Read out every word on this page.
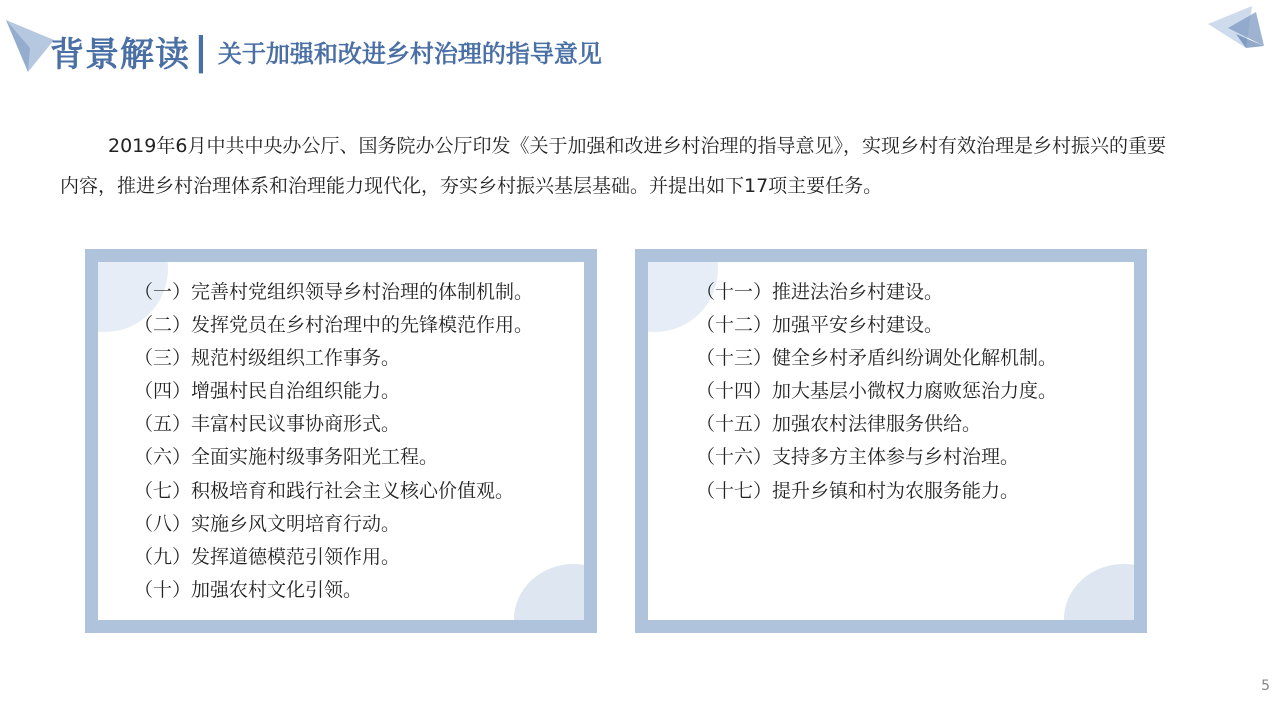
背景解读 | 关于加强和改进乡村治理的指导意见

2019年6月中共中央办公厅、国务院办公厅印发《关于加强和改进乡村治理的指导意见》，实现乡村有效治理是乡村振兴的重要内容，推进乡村治理体系和治理能力现代化，夯实乡村振兴基层基础。并提出如下17项主要任务。

（一）完善村党组织领导乡村治理的体制机制。
（二）发挥党员在乡村治理中的先锋模范作用。
（三）规范村级组织工作事务。
（四）增强村民自治组织能力。
（五）丰富村民议事协商形式。
（六）全面实施村级事务阳光工程。
（七）积极培育和践行社会主义核心价值观。
（八）实施乡风文明培育行动。
（九）发挥道德模范引领作用。
（十）加强农村文化引领。
（十一）推进法治乡村建设。
（十二）加强平安乡村建设。
（十三）健全乡村矛盾纠纷调处化解机制。
（十四）加大基层小微权力腐败惩治力度。
（十五）加强农村法律服务供给。
（十六）支持多方主体参与乡村治理。
（十七）提升乡镇和村为农服务能力。
5
